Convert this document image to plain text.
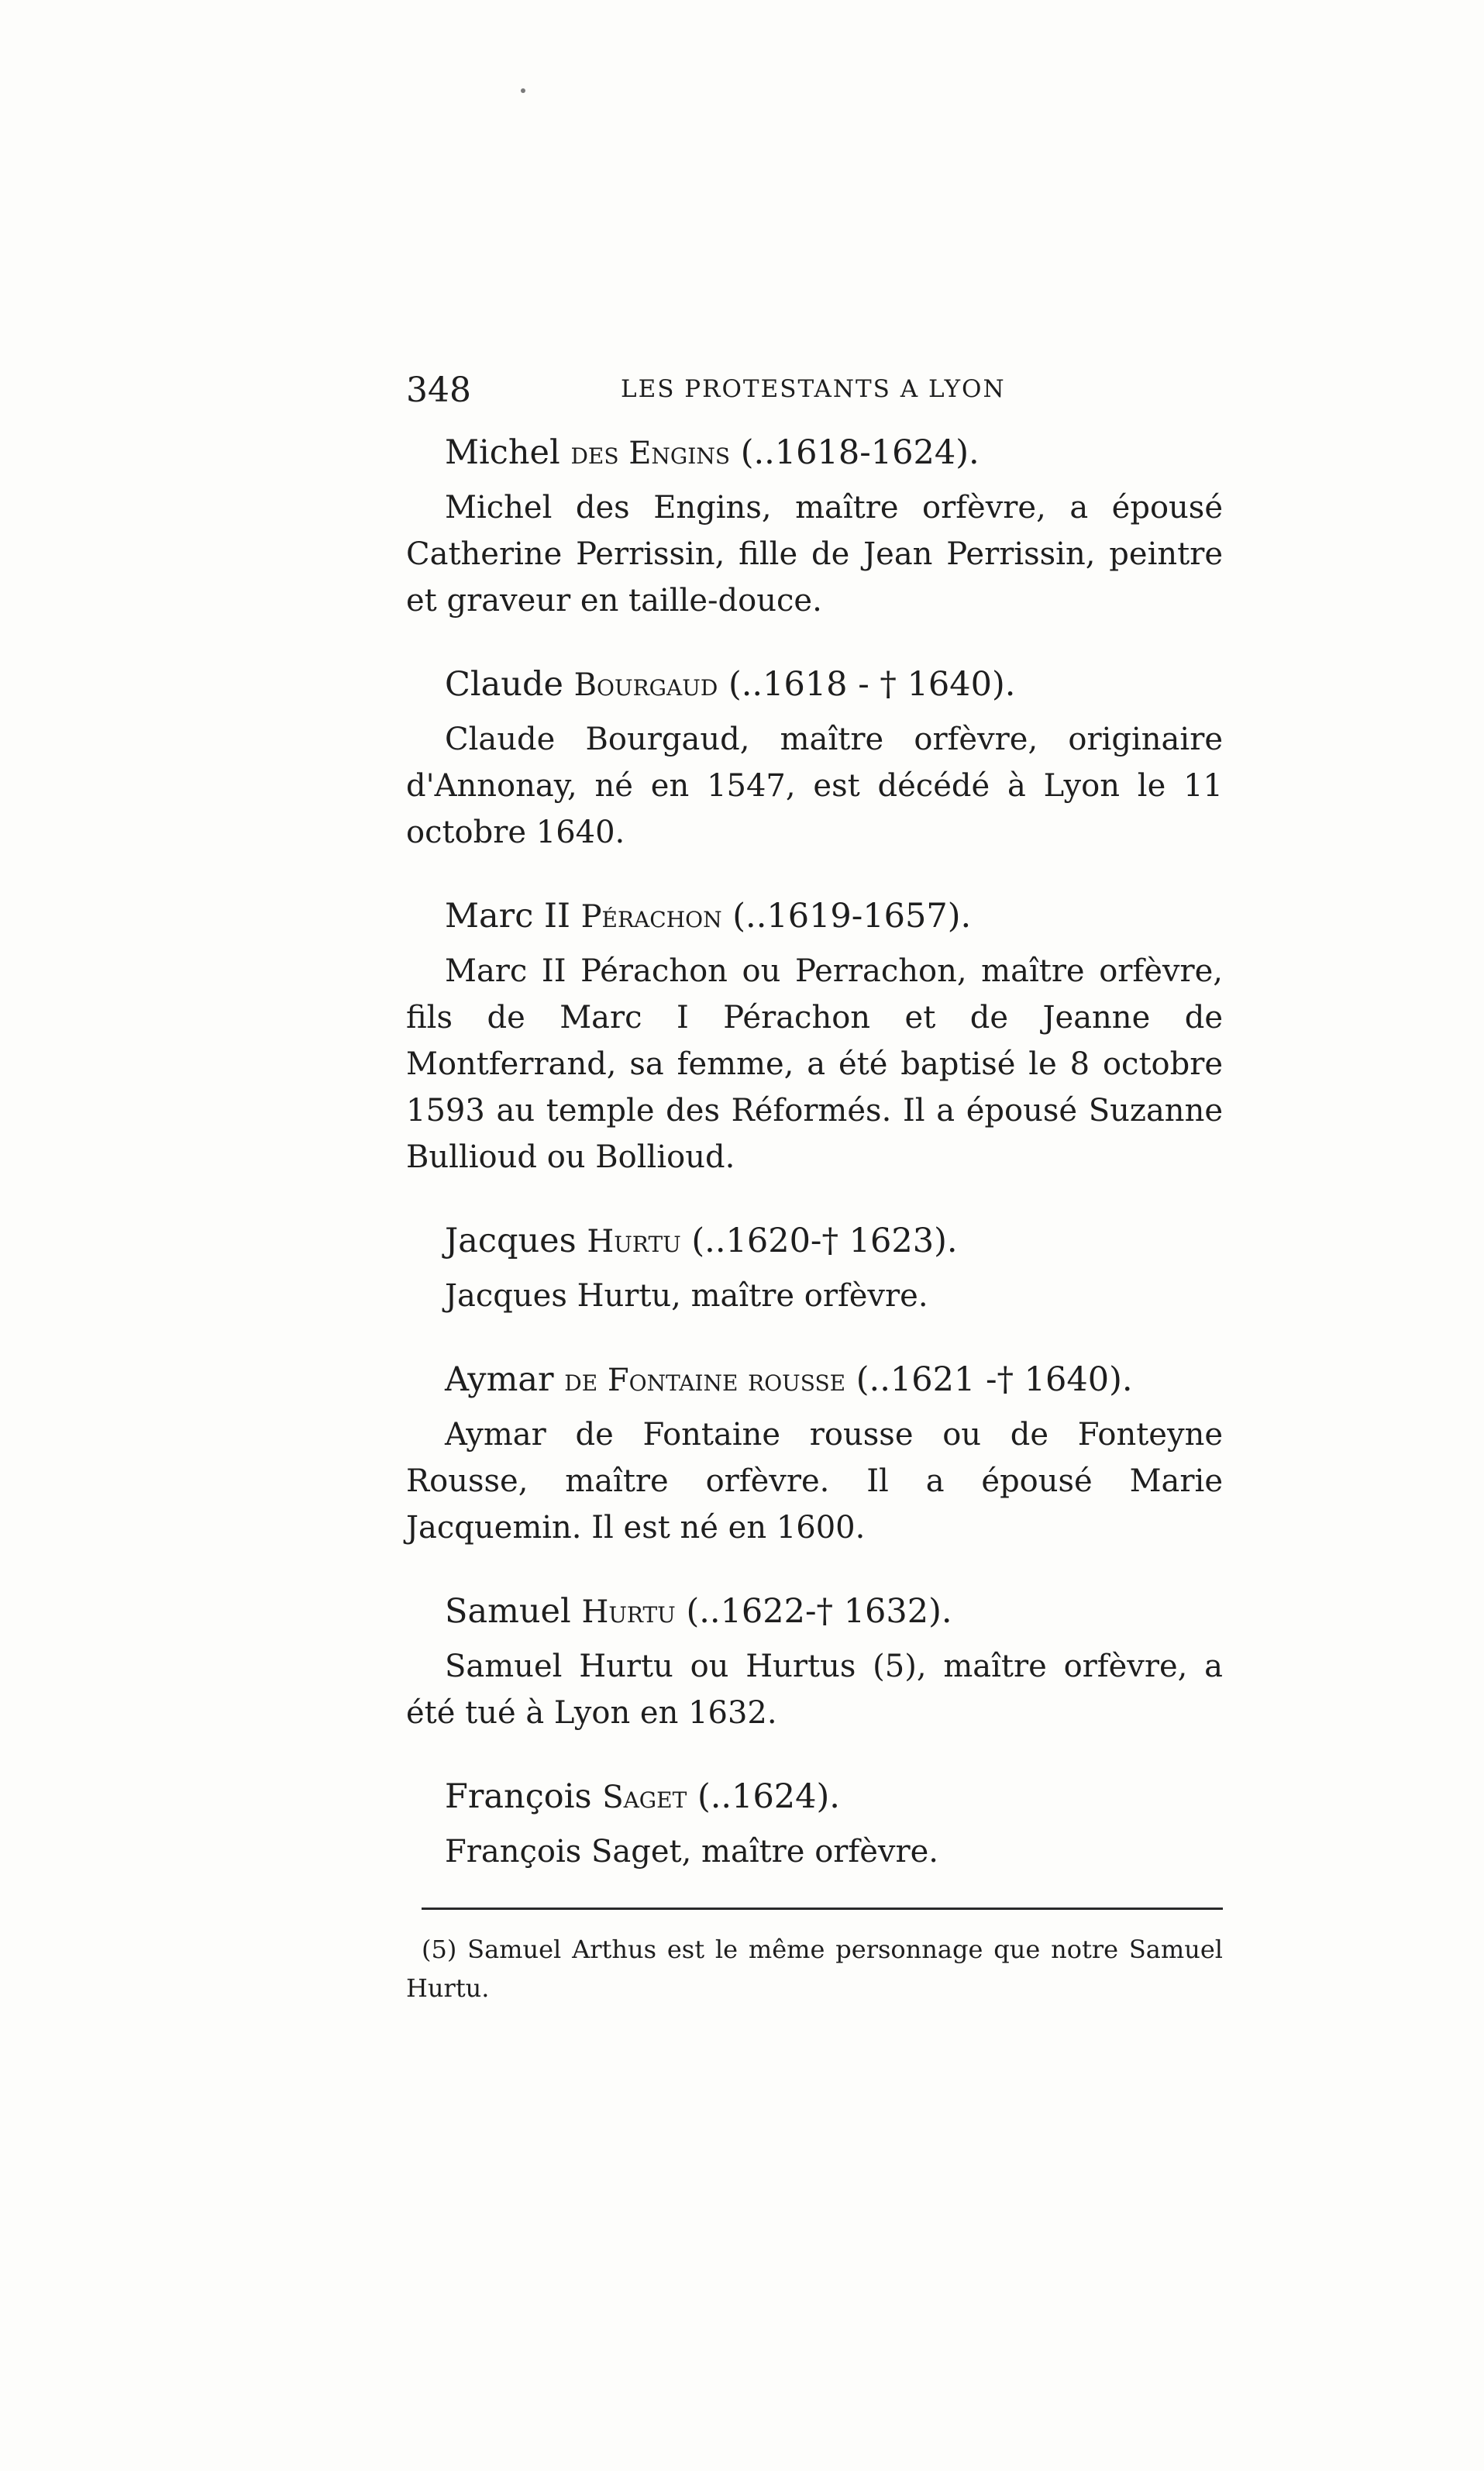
348	LES PROTESTANTS A LYON

Michel des Engins (..1618-1624).

Michel des Engins, maître orfèvre, a épousé Catherine Perrissin, fille de Jean Perrissin, peintre et graveur en taille-douce.

Claude Bourgaud (..1618 - † 1640).

Claude Bourgaud, maître orfèvre, originaire d'Annonay, né en 1547, est décédé à Lyon le 11 octobre 1640.

Marc II Pérachon (..1619-1657).

Marc II Pérachon ou Perrachon, maître orfèvre, fils de Marc I Pérachon et de Jeanne de Montferrand, sa femme, a été baptisé le 8 octobre 1593 au temple des Réformés. Il a épousé Suzanne Bullioud ou Bollioud.

Jacques Hurtu (..1620-† 1623).

Jacques Hurtu, maître orfèvre.

Aymar de Fontaine rousse (..1621 -† 1640).

Aymar de Fontaine rousse ou de Fonteyne Rousse, maître orfèvre. Il a épousé Marie Jacquemin. Il est né en 1600.

Samuel Hurtu (..1622-† 1632).

Samuel Hurtu ou Hurtus (5), maître orfèvre, a été tué à Lyon en 1632.

François Saget (..1624).

François Saget, maître orfèvre.

(5) Samuel Arthus est le même personnage que notre Samuel Hurtu.
